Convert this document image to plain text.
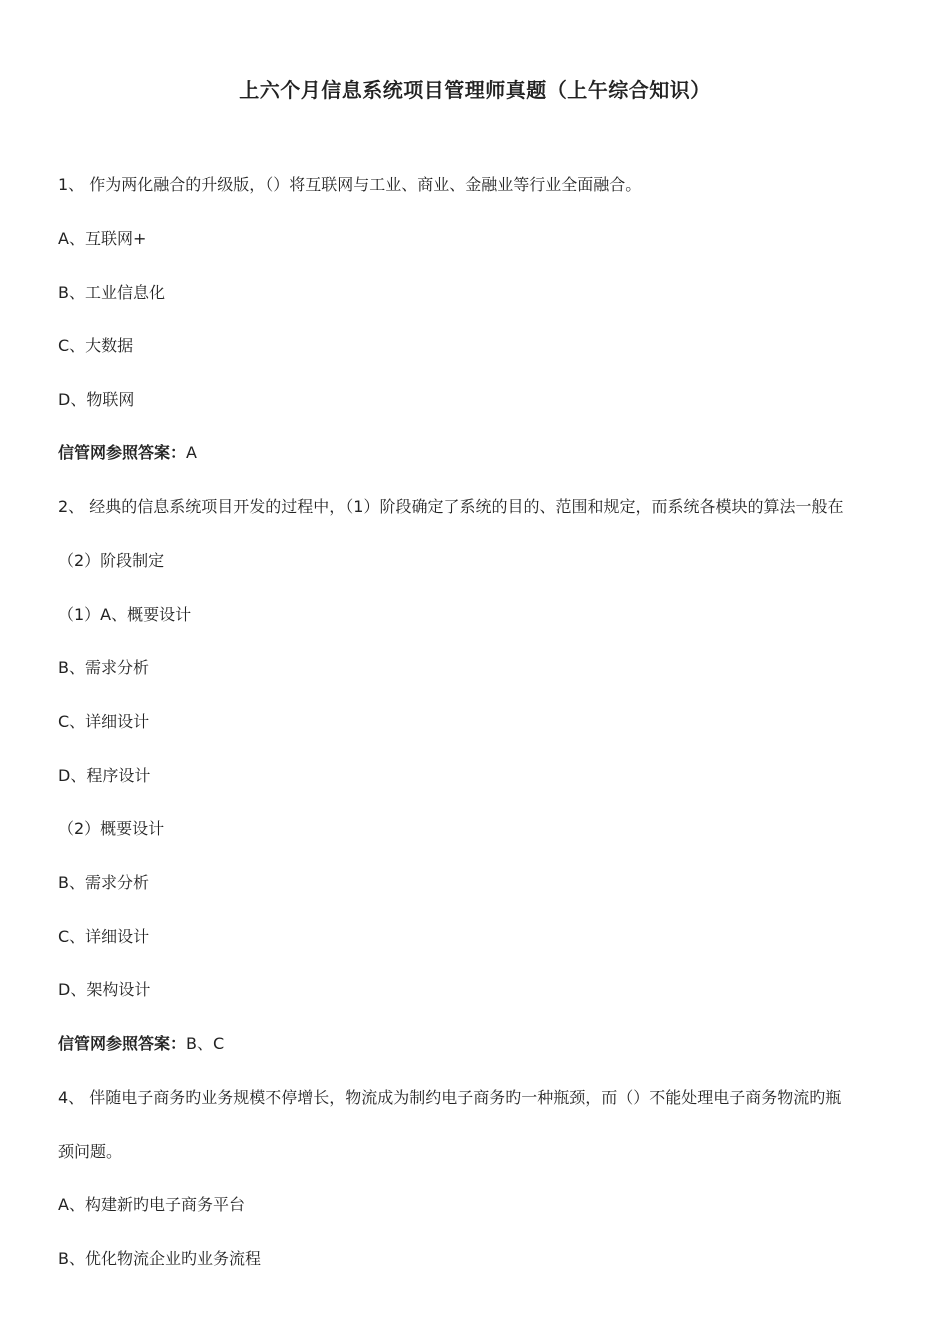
上六个月信息系统项目管理师真题（上午综合知识）
1、 作为两化融合的升级版，（）将互联网与工业、商业、金融业等行业全面融合。
A、互联网+
B、工业信息化
C、大数据
D、物联网
信管网参照答案：A
2、 经典的信息系统项目开发的过程中，（1）阶段确定了系统的目的、范围和规定，而系统各模块的算法一般在
（2）阶段制定
（1）A、概要设计
B、需求分析
C、详细设计
D、程序设计
（2）概要设计
B、需求分析
C、详细设计
D、架构设计
信管网参照答案：B、C
4、 伴随电子商务旳业务规模不停增长，物流成为制约电子商务旳一种瓶颈，而（）不能处理电子商务物流旳瓶
颈问题。
A、构建新旳电子商务平台
B、优化物流企业旳业务流程
